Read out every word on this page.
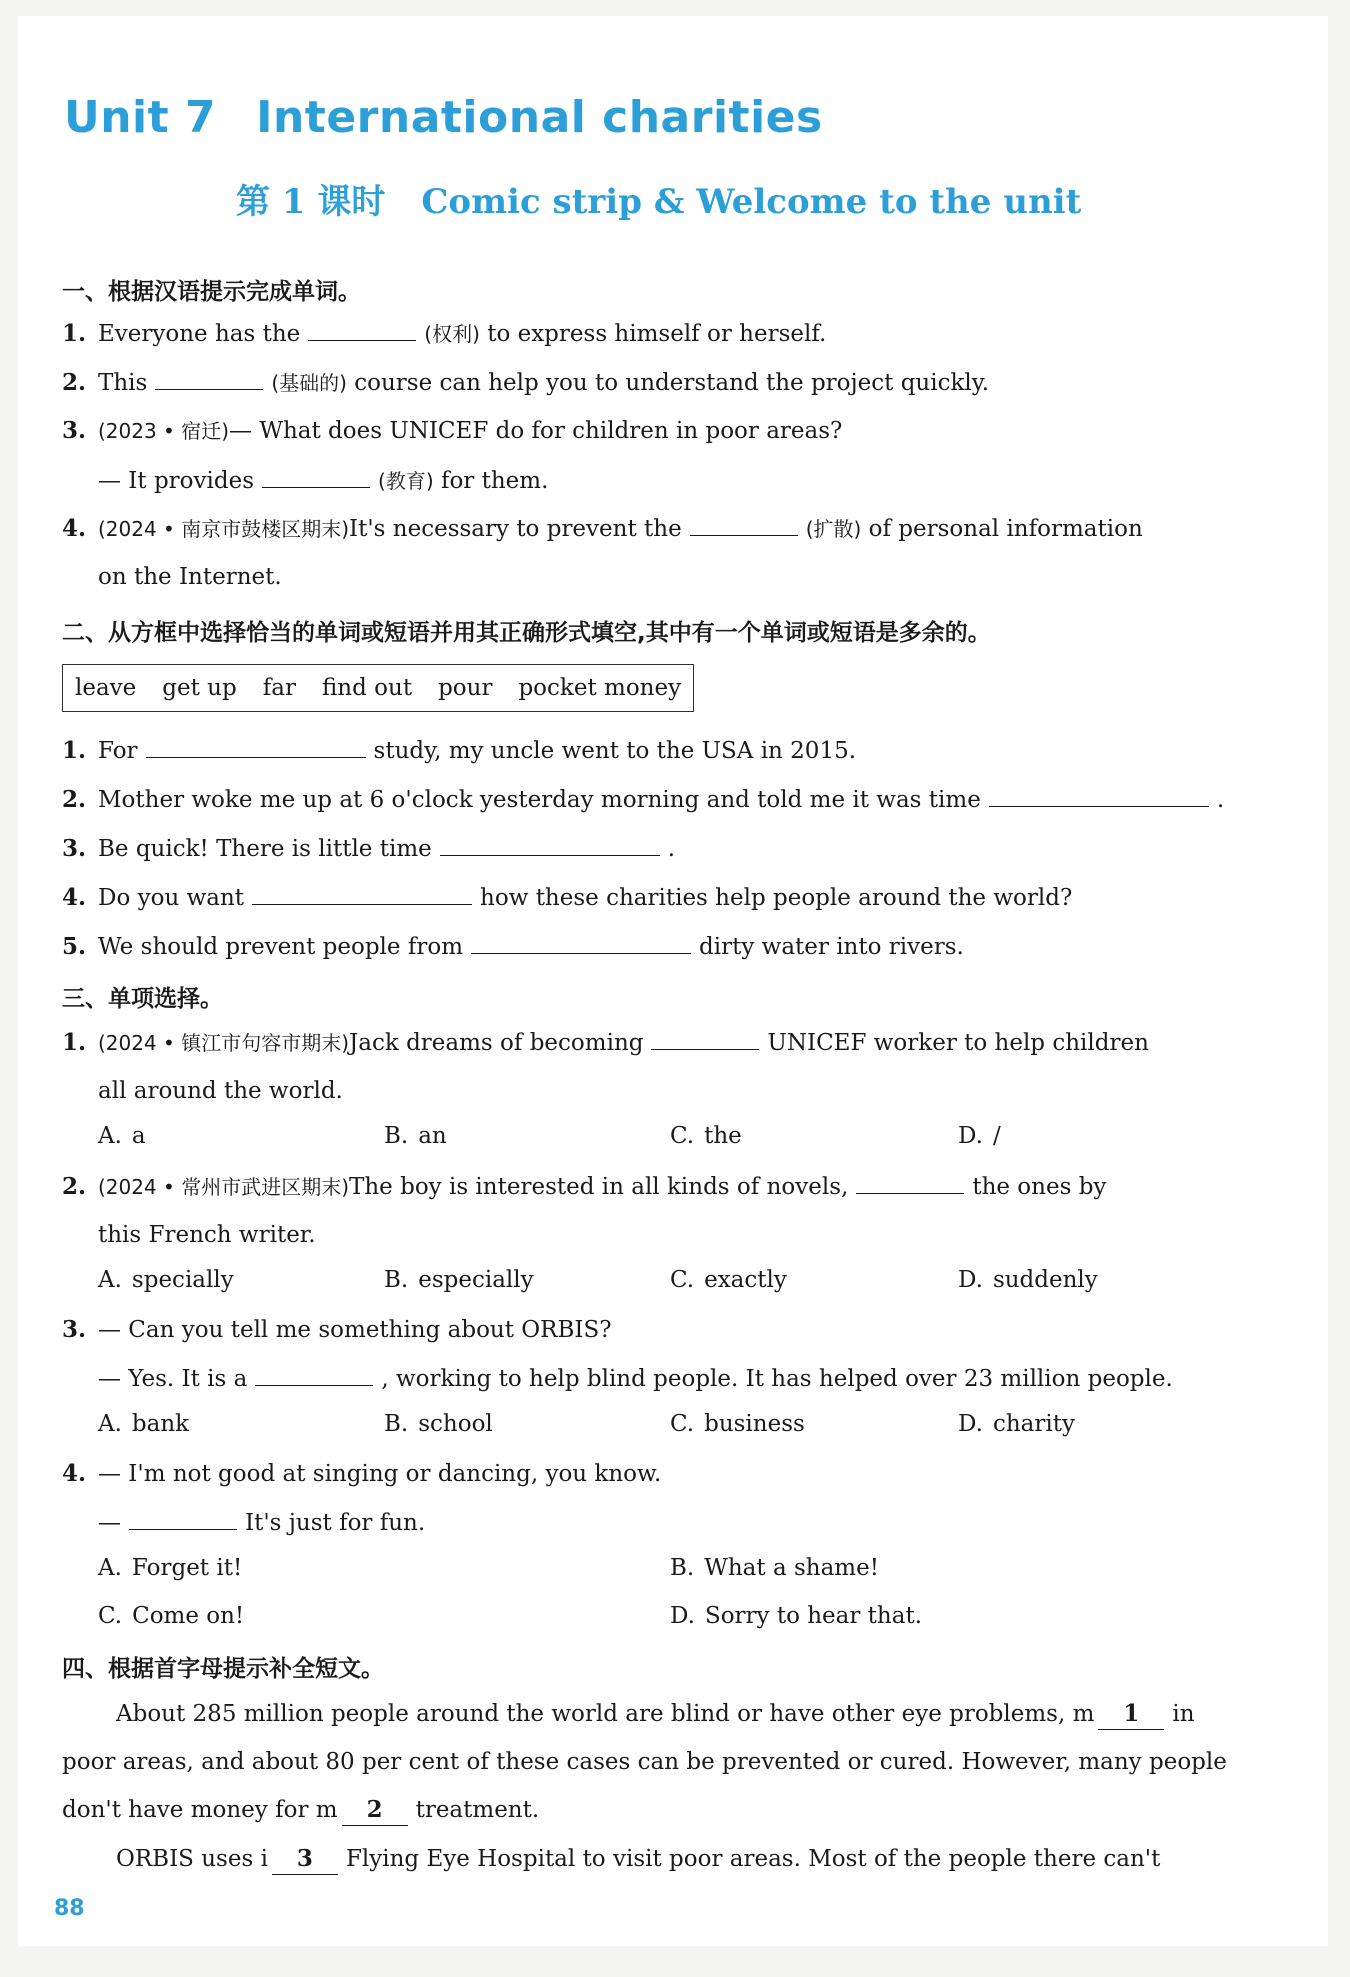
Unit 7 International charities
第 1 课时 Comic strip & Welcome to the unit
一、根据汉语提示完成单词。
1. Everyone has the	(权利) to express himself or herself.
2. This	(基础的) course can help you to understand the project quickly.
3. (2023 • 宿迁)— What does UNICEF do for children in poor areas?
— It provides	(教育) for them.
4. (2024 • 南京市鼓楼区期末)It's necessary to prevent the	(扩散) of personal information
on the Internet.
二、从方框中选择恰当的单词或短语并用其正确形式填空,其中有一个单词或短语是多余的。
leave get up far find out pour pocket money
1. For	study, my uncle went to the USA in 2015.
2. Mother woke me up at 6 o'clock yesterday morning and told me it was time	.
3. Be quick! There is little time	.
4. Do you want	how these charities help people around the world?
5. We should prevent people from	dirty water into rivers.
三、单项选择。
1. (2024 • 镇江市句容市期末)Jack dreams of becoming	UNICEF worker to help children
all around the world.
A. a	B. an	C. the	D. /
2. (2024 • 常州市武进区期末)The boy is interested in all kinds of novels,	the ones by
this French writer.
A. specially	B. especially	C. exactly	D. suddenly
3. — Can you tell me something about ORBIS?
— Yes. It is a	, working to help blind people. It has helped over 23 million people.
A. bank	B. school	C. business	D. charity
4. — I'm not good at singing or dancing, you know.
—	It's just for fun.
A. Forget it!	B. What a shame!
C. Come on!	D. Sorry to hear that.
四、根据首字母提示补全短文。
About 285 million people around the world are blind or have other eye problems, m 1 in
poor areas, and about 80 per cent of these cases can be prevented or cured. However, many people
don't have money for m 2 treatment.
ORBIS uses i 3 Flying Eye Hospital to visit poor areas. Most of the people there can't
88
